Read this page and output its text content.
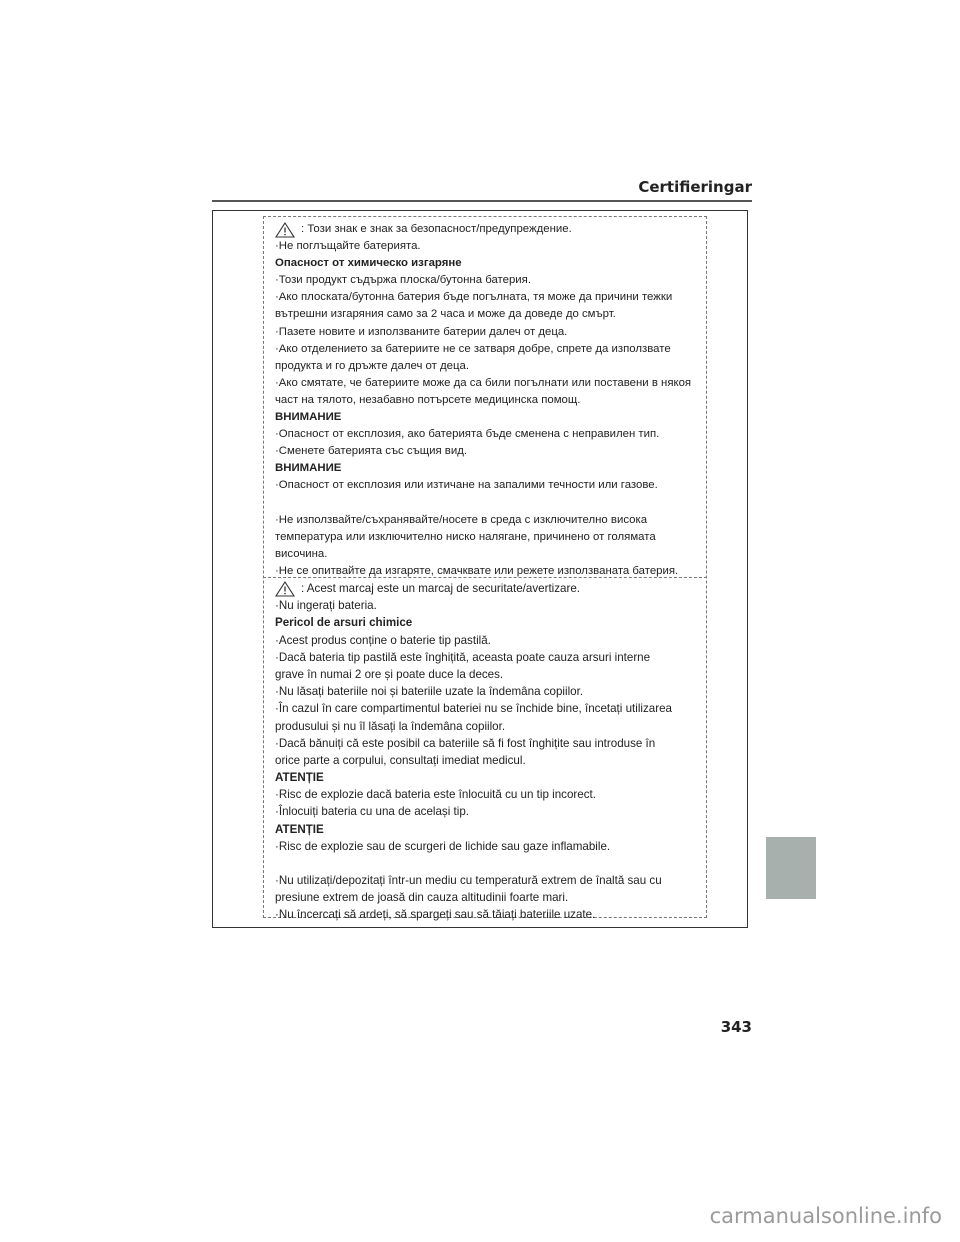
Certifieringar
: Този знак е знак за безопасност/предупреждение.
·Не поглъщайте батерията.
Опасност от химическо изгаряне
·Този продукт съдържа плоска/бутонна батерия.
·Ако плоската/бутонна батерия бъде погълната, тя може да причини тежки
вътрешни изгаряния само за 2 часа и може да доведе до смърт.
·Пазете новите и използваните батерии далеч от деца.
·Ако отделението за батериите не се затваря добре, спрете да използвате
продукта и го дръжте далеч от деца.
·Ако смятате, че батериите може да са били погълнати или поставени в някоя
част на тялото, незабавно потърсете медицинска помощ.
ВНИМАНИЕ
·Опасност от експлозия, ако батерията бъде сменена с неправилен тип.
·Сменете батерията със същия вид.
ВНИМАНИЕ
·Опасност от експлозия или изтичане на запалими течности или газове.
·Не използвайте/съхранявайте/носете в среда с изключително висока
температура или изключително ниско налягане, причинено от голямата
височина.
·Не се опитвайте да изгаряте, смачквате или режете използваната батерия.
: Acest marcaj este un marcaj de securitate/avertizare.
·Nu ingerați bateria.
Pericol de arsuri chimice
·Acest produs conține o baterie tip pastilă.
·Dacă bateria tip pastilă este înghițită, aceasta poate cauza arsuri interne
grave în numai 2 ore și poate duce la deces.
·Nu lăsați bateriile noi și bateriile uzate la îndemâna copiilor.
·În cazul în care compartimentul bateriei nu se închide bine, încetați utilizarea
produsului și nu îl lăsați la îndemâna copiilor.
·Dacă bănuiți că este posibil ca bateriile să fi fost înghițite sau introduse în
orice parte a corpului, consultați imediat medicul.
ATENȚIE
·Risc de explozie dacă bateria este înlocuită cu un tip incorect.
·Înlocuiți bateria cu una de același tip.
ATENȚIE
·Risc de explozie sau de scurgeri de lichide sau gaze inflamabile.
·Nu utilizați/depozitați într-un mediu cu temperatură extrem de înaltă sau cu
presiune extrem de joasă din cauza altitudinii foarte mari.
·Nu încercați să ardeți, să spargeți sau să tăiați bateriile uzate.
343
carmanualsonline.info
